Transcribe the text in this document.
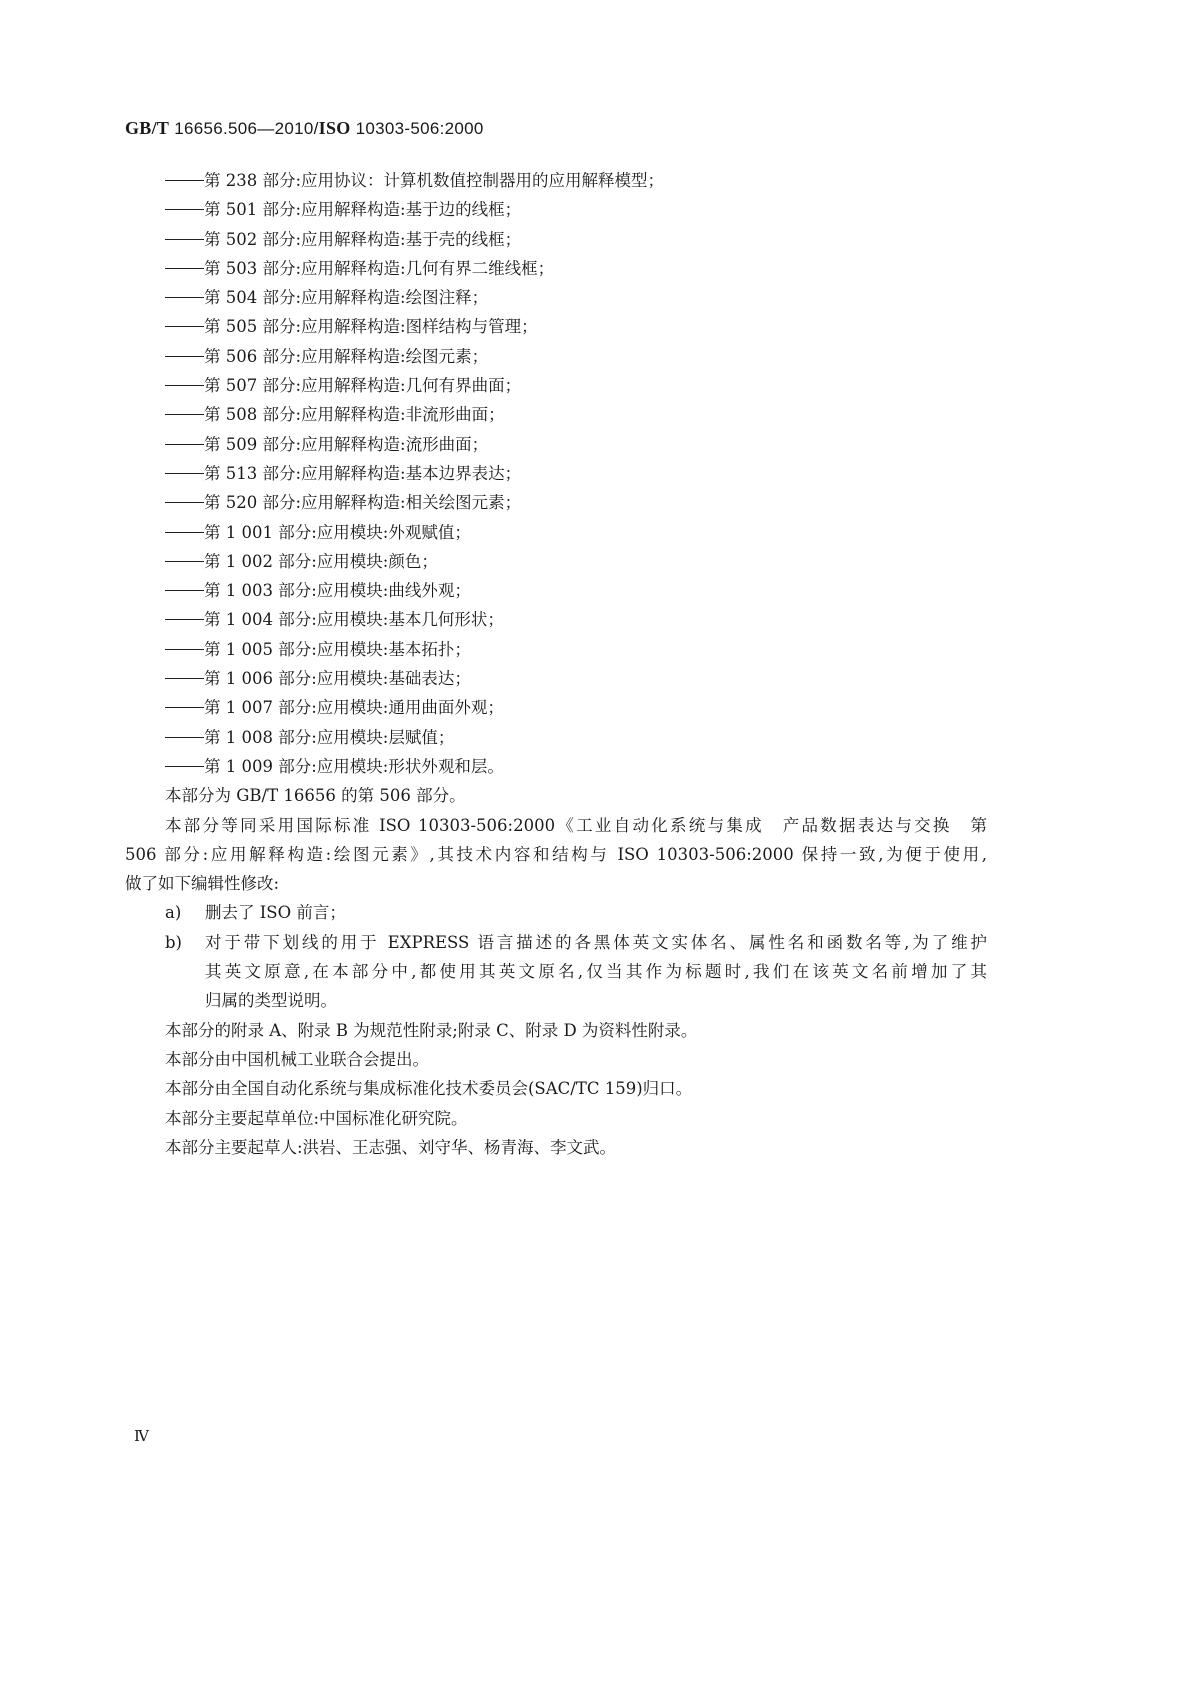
GB/T 16656.506—2010/ISO 10303-506:2000
第 238 部分:应用协议：计算机数值控制器用的应用解释模型；
第 501 部分:应用解释构造:基于边的线框；
第 502 部分:应用解释构造:基于壳的线框；
第 503 部分:应用解释构造:几何有界二维线框；
第 504 部分:应用解释构造:绘图注释；
第 505 部分:应用解释构造:图样结构与管理；
第 506 部分:应用解释构造:绘图元素；
第 507 部分:应用解释构造:几何有界曲面；
第 508 部分:应用解释构造:非流形曲面；
第 509 部分:应用解释构造:流形曲面；
第 513 部分:应用解释构造:基本边界表达；
第 520 部分:应用解释构造:相关绘图元素；
第 1 001 部分:应用模块:外观赋值；
第 1 002 部分:应用模块:颜色；
第 1 003 部分:应用模块:曲线外观；
第 1 004 部分:应用模块:基本几何形状；
第 1 005 部分:应用模块:基本拓扑；
第 1 006 部分:应用模块:基础表达；
第 1 007 部分:应用模块:通用曲面外观；
第 1 008 部分:应用模块:层赋值；
第 1 009 部分:应用模块:形状外观和层。
本部分为 GB/T 16656 的第 506 部分。
本部分等同采用国际标准 ISO 10303-506:2000《工业自动化系统与集成　产品数据表达与交换　第
506 部分:应用解释构造:绘图元素》,其技术内容和结构与 ISO 10303-506:2000 保持一致,为便于使用,
做了如下编辑性修改:
a) 删去了 ISO 前言；
b)	对于带下划线的用于 EXPRESS 语言描述的各黑体英文实体名、属性名和函数名等,为了维护
其英文原意,在本部分中,都使用其英文原名,仅当其作为标题时,我们在该英文名前增加了其
归属的类型说明。
本部分的附录 A、附录 B 为规范性附录;附录 C、附录 D 为资料性附录。
本部分由中国机械工业联合会提出。
本部分由全国自动化系统与集成标准化技术委员会(SAC/TC 159)归口。
本部分主要起草单位:中国标准化研究院。
本部分主要起草人:洪岩、王志强、刘守华、杨青海、李文武。
Ⅳ
